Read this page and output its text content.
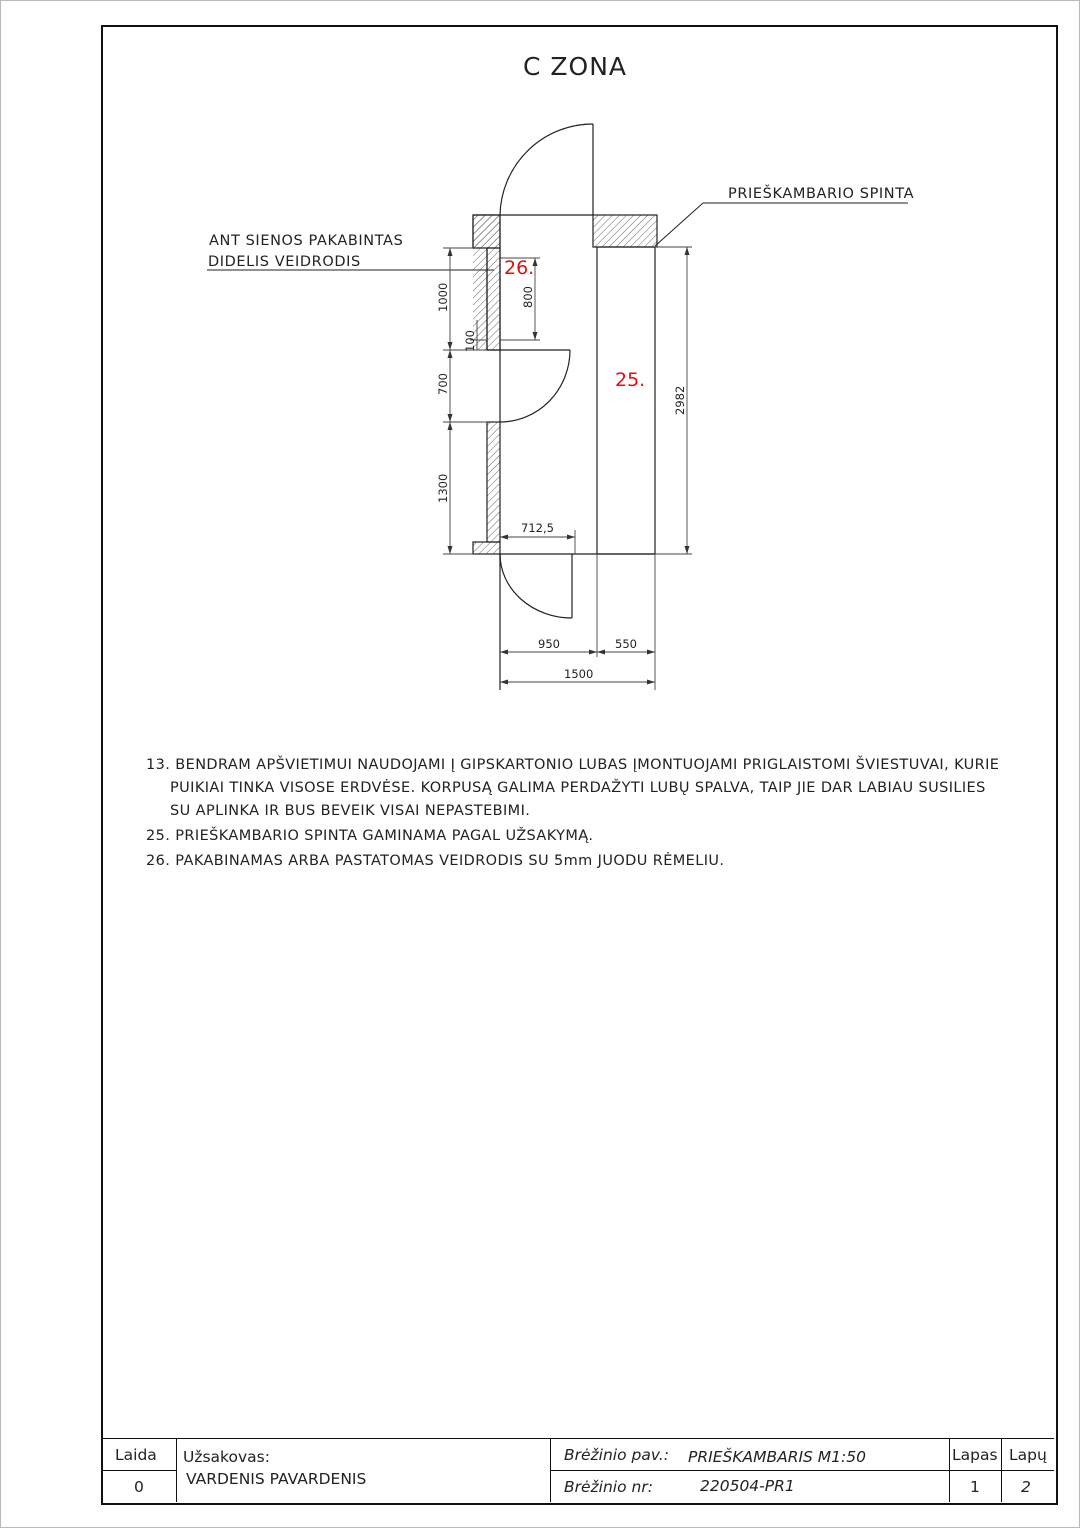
C ZONA
PRIEŠKAMBARIO SPINTA
ANT SIENOS PAKABINTAS
DIDELIS VEIDRODIS	26.
25.
1000	800
100
700
1300
2982
712,5
950	550
1500
13. BENDRAM APŠVIETIMUI NAUDOJAMI Į GIPSKARTONIO LUBAS ĮMONTUOJAMI PRIGLAISTOMI ŠVIESTUVAI, KURIE PUIKIAI TINKA VISOSE ERDVĖSE. KORPUSĄ GALIMA PERDAŽYTI LUBŲ SPALVA, TAIP JIE DAR LABIAU SUSILIES SU APLINKA IR BUS BEVEIK VISAI NEPASTEBIMI.
25. PRIEŠKAMBARIO SPINTA GAMINAMA PAGAL UŽSAKYMĄ.
26. PAKABINAMAS ARBA PASTATOMAS VEIDRODIS SU 5mm JUODU RĖMELIU.
Laida
0
Užsakovas:
VARDENIS PAVARDENIS
Brėžinio pav.: PRIEŠKAMBARIS M1:50
Brėžinio nr:	220504-PR1
Lapas
1
Lapų
2
